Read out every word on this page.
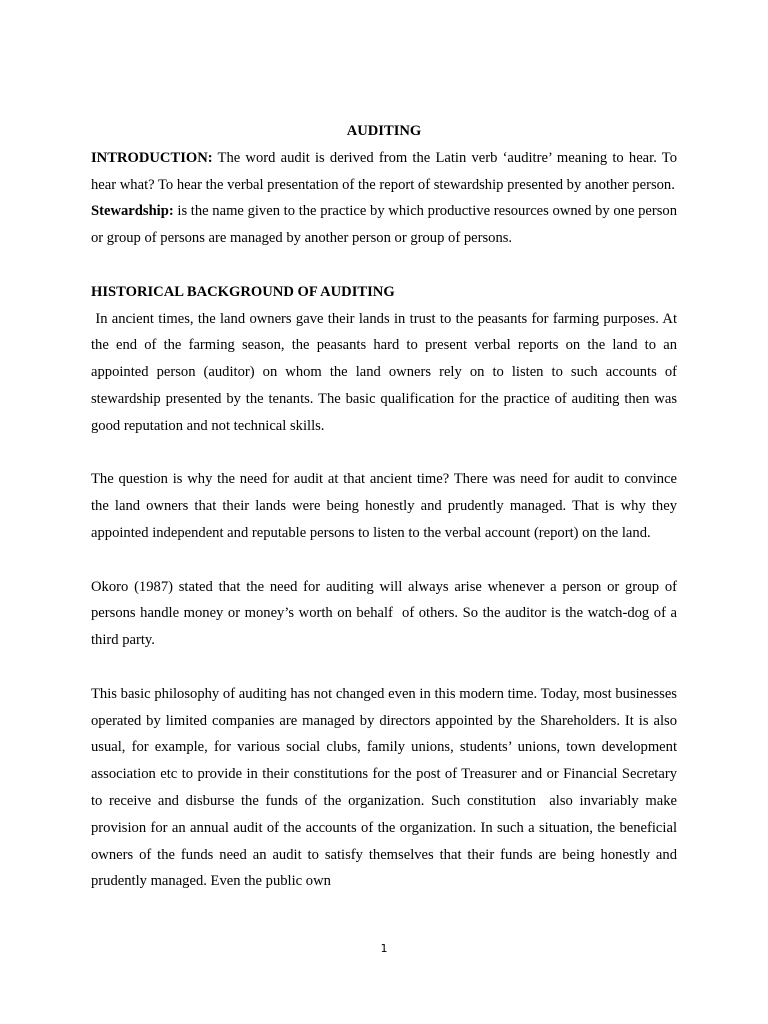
AUDITING

INTRODUCTION: The word audit is derived from the Latin verb ‘auditre’ meaning to hear. To hear what? To hear the verbal presentation of the report of stewardship presented by another person.

Stewardship: is the name given to the practice by which productive resources owned by one person or group of persons are managed by another person or group of persons.

HISTORICAL BACKGROUND OF AUDITING

In ancient times, the land owners gave their lands in trust to the peasants for farming purposes. At the end of the farming season, the peasants hard to present verbal reports on the land to an appointed person (auditor) on whom the land owners rely on to listen to such accounts of stewardship presented by the tenants. The basic qualification for the practice of auditing then was good reputation and not technical skills.

The question is why the need for audit at that ancient time? There was need for audit to convince the land owners that their lands were being honestly and prudently managed. That is why they appointed independent and reputable persons to listen to the verbal account (report) on the land.

Okoro (1987) stated that the need for auditing will always arise whenever a person or group of persons handle money or money’s worth on behalf  of others. So the auditor is the watch-dog of a third party.

This basic philosophy of auditing has not changed even in this modern time. Today, most businesses operated by limited companies are managed by directors appointed by the Shareholders. It is also usual, for example, for various social clubs, family unions, students’ unions, town development association etc to provide in their constitutions for the post of Treasurer and or Financial Secretary to receive and disburse the funds of the organization. Such constitution  also invariably make provision for an annual audit of the accounts of the organization. In such a situation, the beneficial owners of the funds need an audit to satisfy themselves that their funds are being honestly and prudently managed. Even the public own

1
